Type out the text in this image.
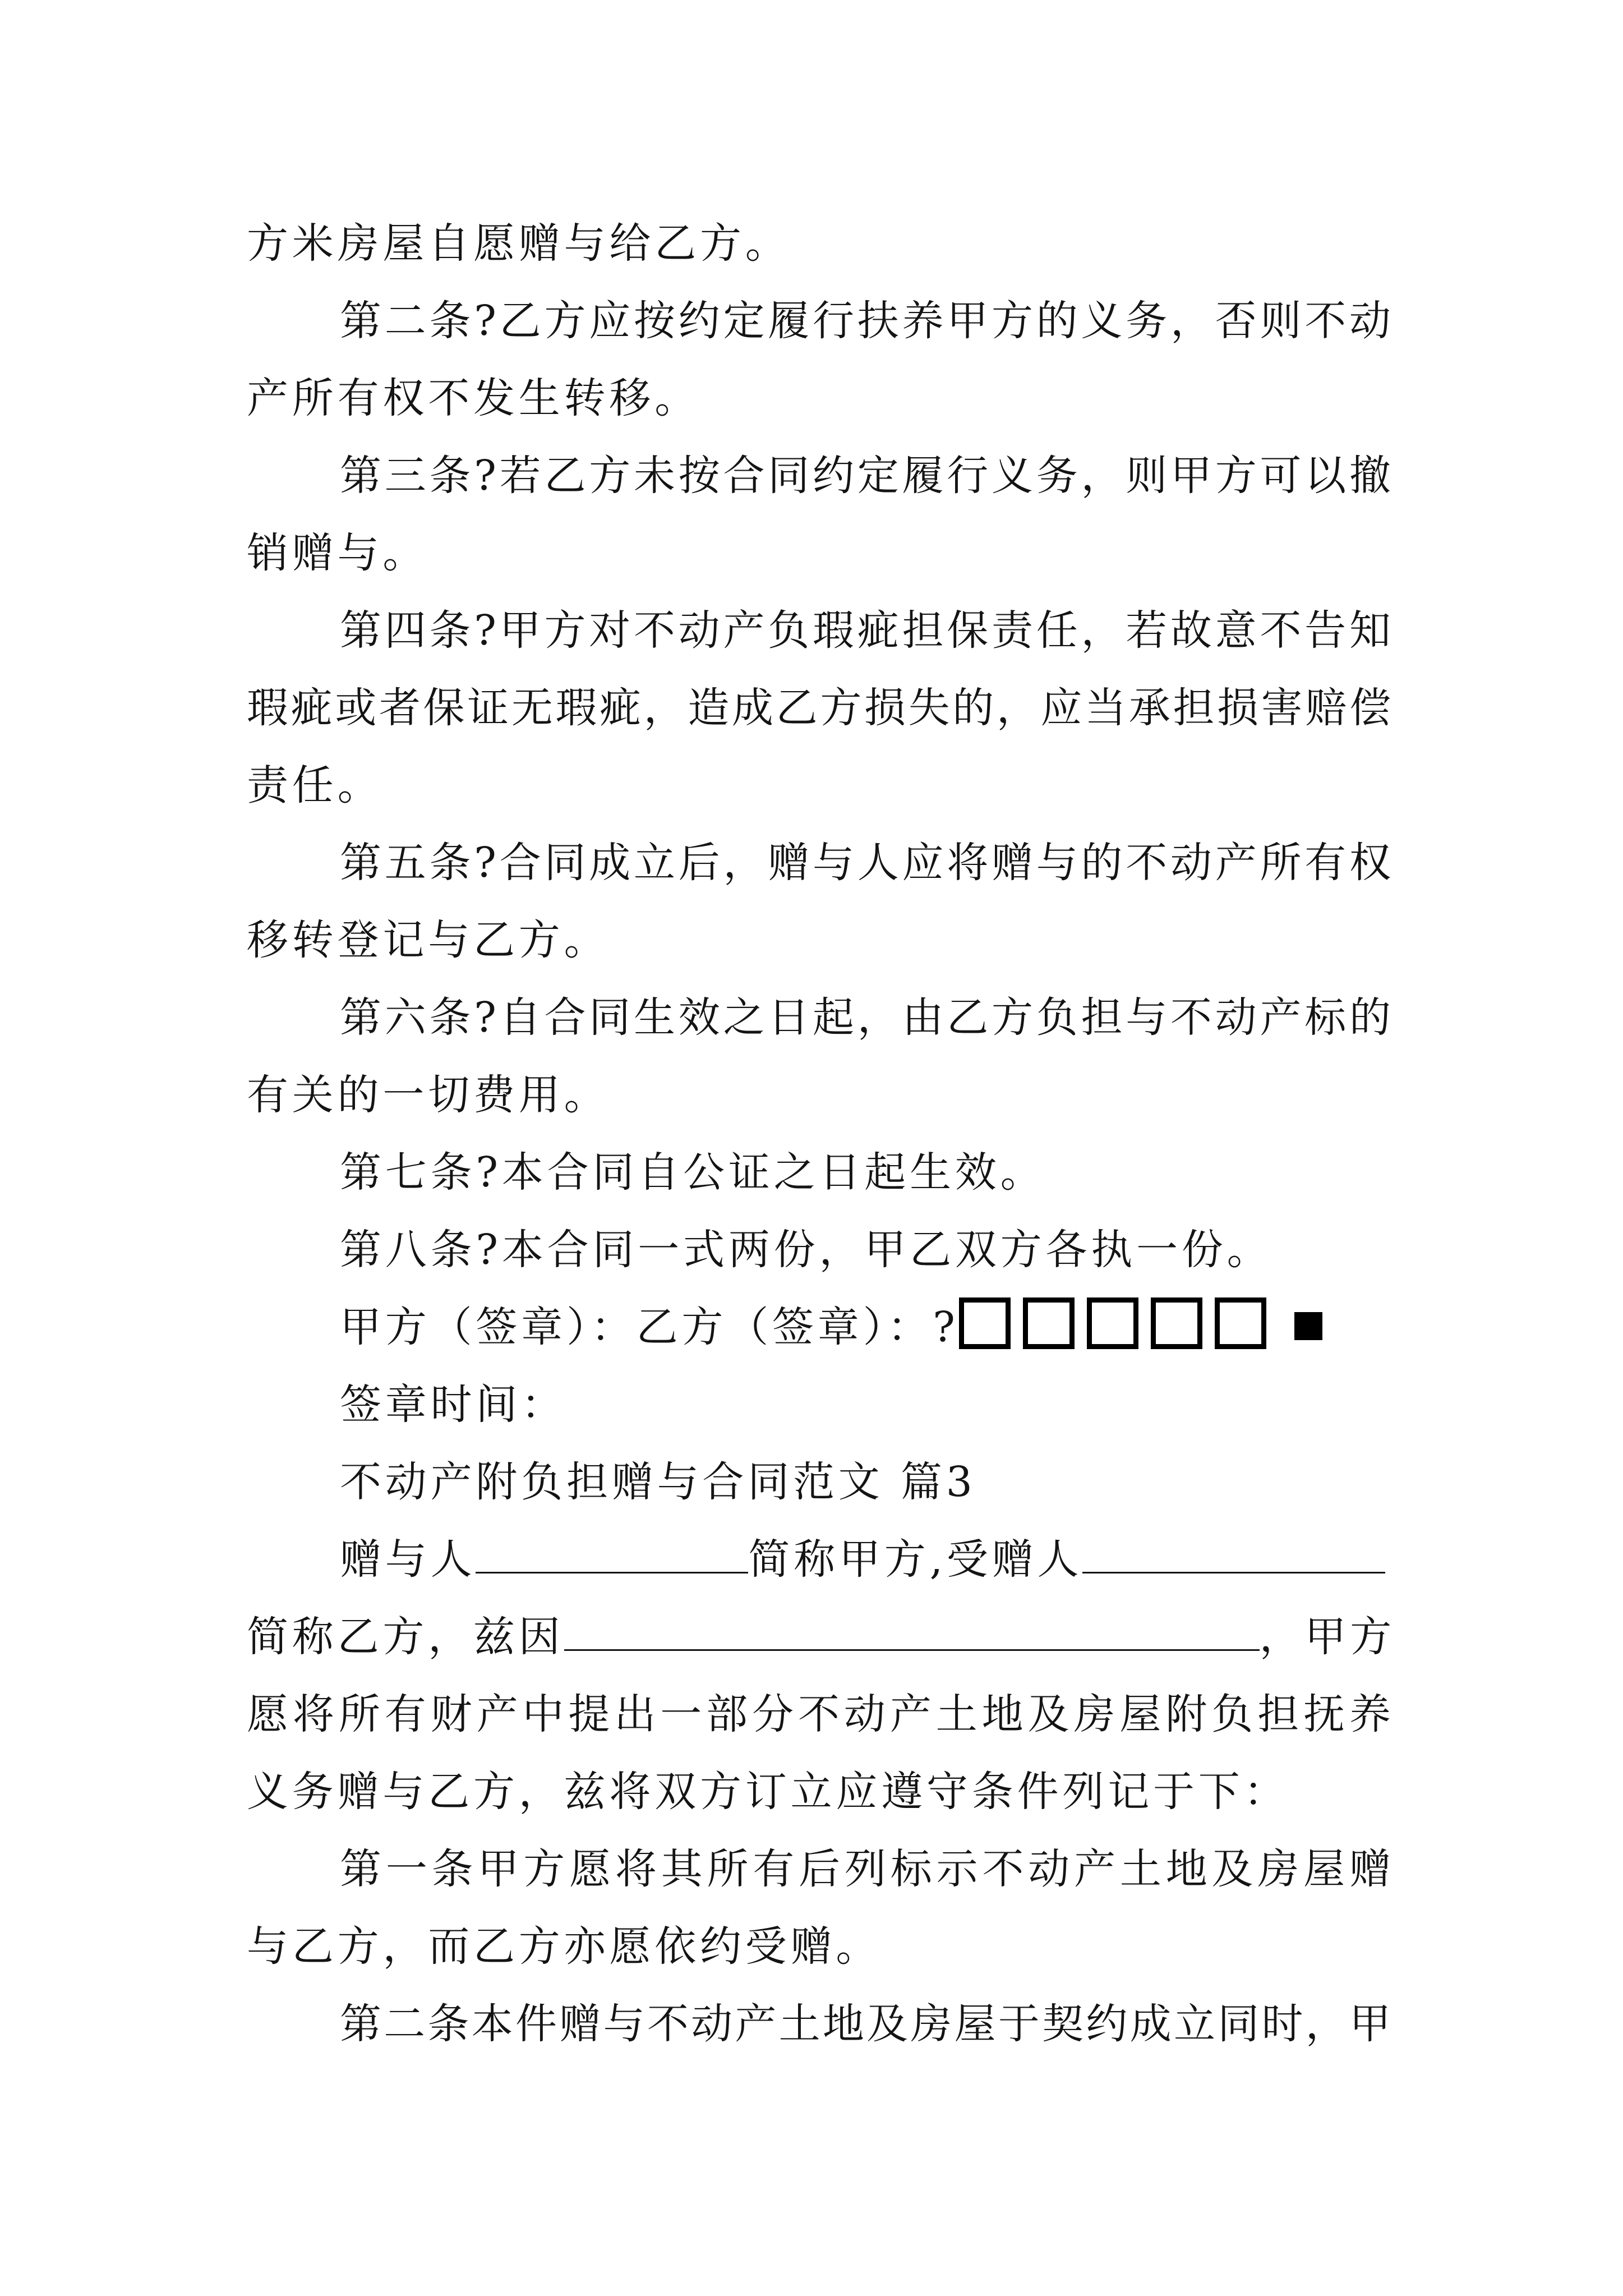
方米房屋自愿赠与给乙方。
第二条?乙方应按约定履行扶养甲方的义务，否则不动
产所有权不发生转移。
第三条?若乙方未按合同约定履行义务，则甲方可以撤
销赠与。
第四条?甲方对不动产负瑕疵担保责任，若故意不告知
瑕疵或者保证无瑕疵，造成乙方损失的，应当承担损害赔偿
责任。
第五条?合同成立后，赠与人应将赠与的不动产所有权
移转登记与乙方。
第六条?自合同生效之日起，由乙方负担与不动产标的
有关的一切费用。
第七条?本合同自公证之日起生效。
第八条?本合同一式两份，甲乙双方各执一份。
甲方（签章）：乙方（签章）：?
签章时间：
不动产附负担赠与合同范文 篇3
赠与人	简称甲方,受赠人
简称乙方，兹因	，甲方
愿将所有财产中提出一部分不动产土地及房屋附负担抚养
义务赠与乙方，兹将双方订立应遵守条件列记于下：
第一条甲方愿将其所有后列标示不动产土地及房屋赠
与乙方，而乙方亦愿依约受赠。
第二条本件赠与不动产土地及房屋于契约成立同时，甲
